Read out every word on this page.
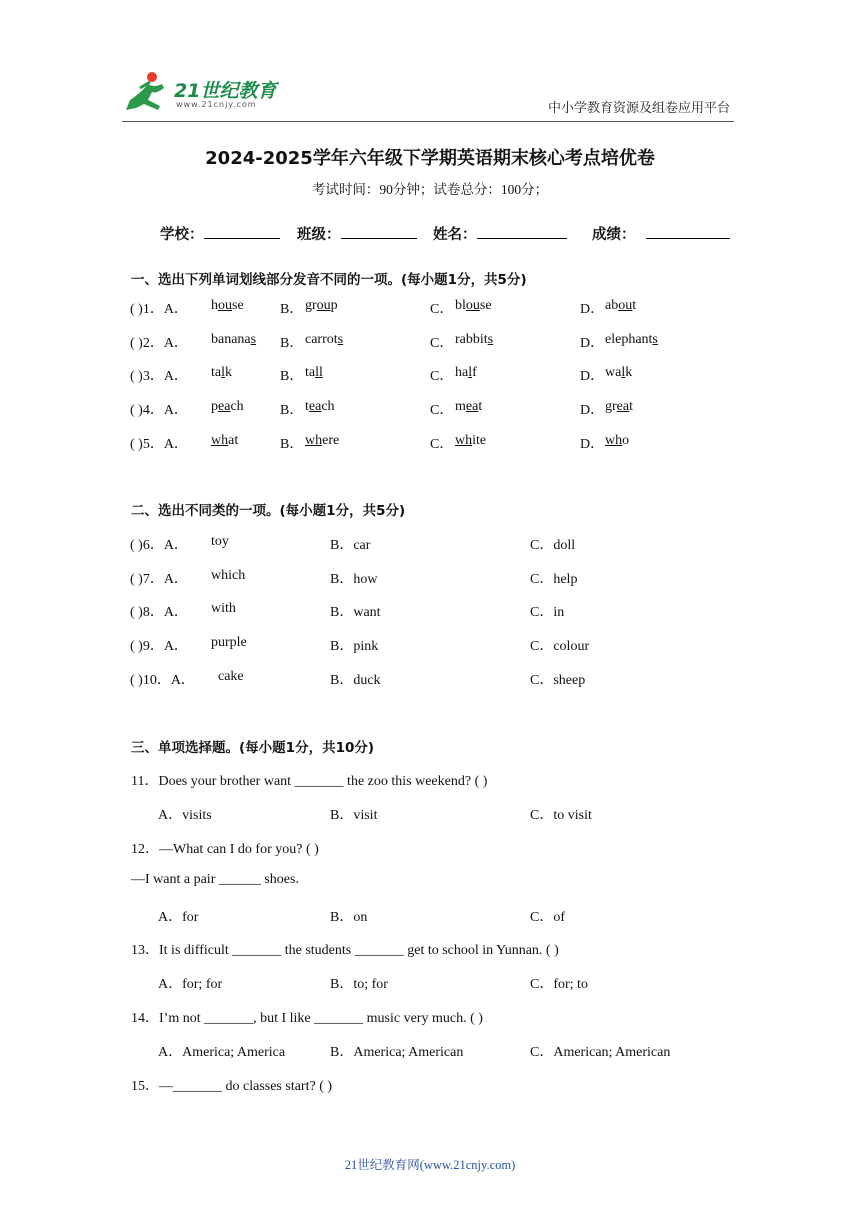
21世纪教育
www.21cnjy.com	中小学教育资源及组卷应用平台
2024-2025学年六年级下学期英语期末核心考点培优卷
考试时间：90分钟；试卷总分：100分；
学校：	班级：	姓名：	成绩：
一、选出下列单词划线部分发音不同的一项。(每小题1分，共5分)
( )1．A． house	B． group	C． blouse	D． about
( )2．A． bananas B． carrots	C． rabbits	D． elephants
( )3．A． talk	B． tall	C． half	D． walk
( )4．A． peach	B． teach	C． meat	D． great
( )5．A． what	B． where	C． white	D． who
二、选出不同类的一项。(每小题1分，共5分)
( )6．A． toy	B．car	C．doll
( )7．A． which	B．how	C．help
( )8．A． with	B．want	C．in
( )9．A． purple	B．pink	C．colour
( )10．A． cake	B．duck	C．sheep
三、单项选择题。(每小题1分，共10分)
11．Does your brother want _______ the zoo this weekend? ( )
A．visits	B．visit	C．to visit
12．—What can I do for you? ( )
—I want a pair ______ shoes.
A．for	B．on	C．of
13．It is difficult _______ the students _______ get to school in Yunnan. ( )
A．for; for	B．to; for	C．for; to
14．I’m not _______, but I like _______ music very much. ( )
A．America; America	B．America; American	C．American; American
15．—_______ do classes start? ( )
21世纪教育网(www.21cnjy.com)
